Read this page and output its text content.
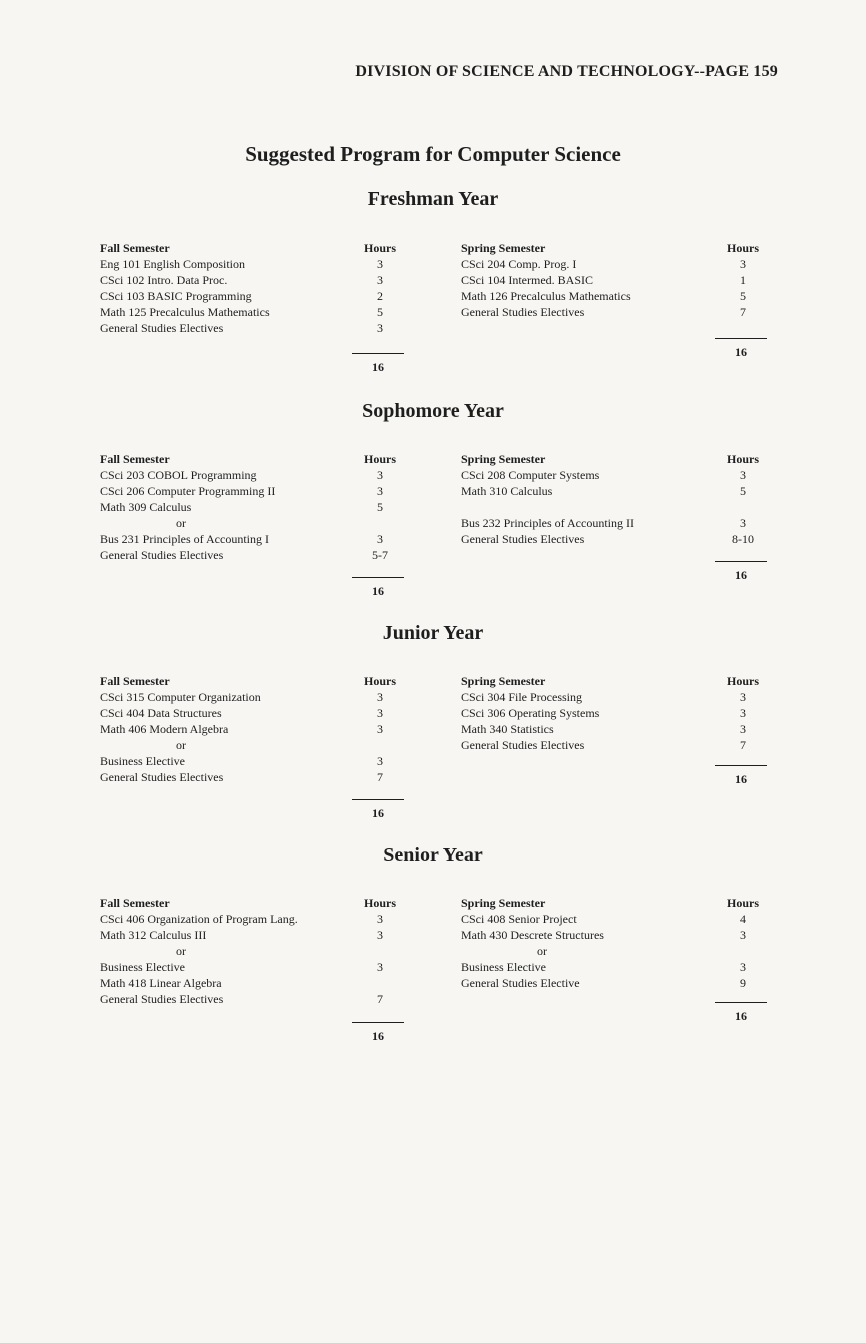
DIVISION OF SCIENCE AND TECHNOLOGY--PAGE 159
Suggested Program for Computer Science
Freshman Year
Fall Semester	Hours
Eng 101 English Composition	3
CSci 102 Intro. Data Proc.	3
CSci 103 BASIC Programming	2
Math 125 Precalculus Mathematics	5
General Studies Electives	3
16
Spring Semester	Hours
CSci 204 Comp. Prog. I	3
CSci 104 Intermed. BASIC	1
Math 126 Precalculus Mathematics	5
General Studies Electives	7
16
Sophomore Year
Fall Semester	Hours
CSci 203 COBOL Programming	3
CSci 206 Computer Programming II	3
Math 309 Calculus	5
or
Bus 231 Principles of Accounting I	3
General Studies Electives	5-7
16
Spring Semester	Hours
CSci 208 Computer Systems	3
Math 310 Calculus	5
Bus 232 Principles of Accounting II	3
General Studies Electives	8-10
16
Junior Year
Fall Semester	Hours
CSci 315 Computer Organization	3
CSci 404 Data Structures	3
Math 406 Modern Algebra	3
or
Business Elective	3
General Studies Electives	7
16
Spring Semester	Hours
CSci 304 File Processing	3
CSci 306 Operating Systems	3
Math 340 Statistics	3
General Studies Electives	7
16
Senior Year
Fall Semester	Hours
CSci 406 Organization of Program Lang.	3
Math 312 Calculus III	3
or
Business Elective	3
Math 418 Linear Algebra
General Studies Electives	7
16
Spring Semester	Hours
CSci 408 Senior Project	4
Math 430 Descrete Structures	3
or
Business Elective	3
General Studies Elective	9
16
